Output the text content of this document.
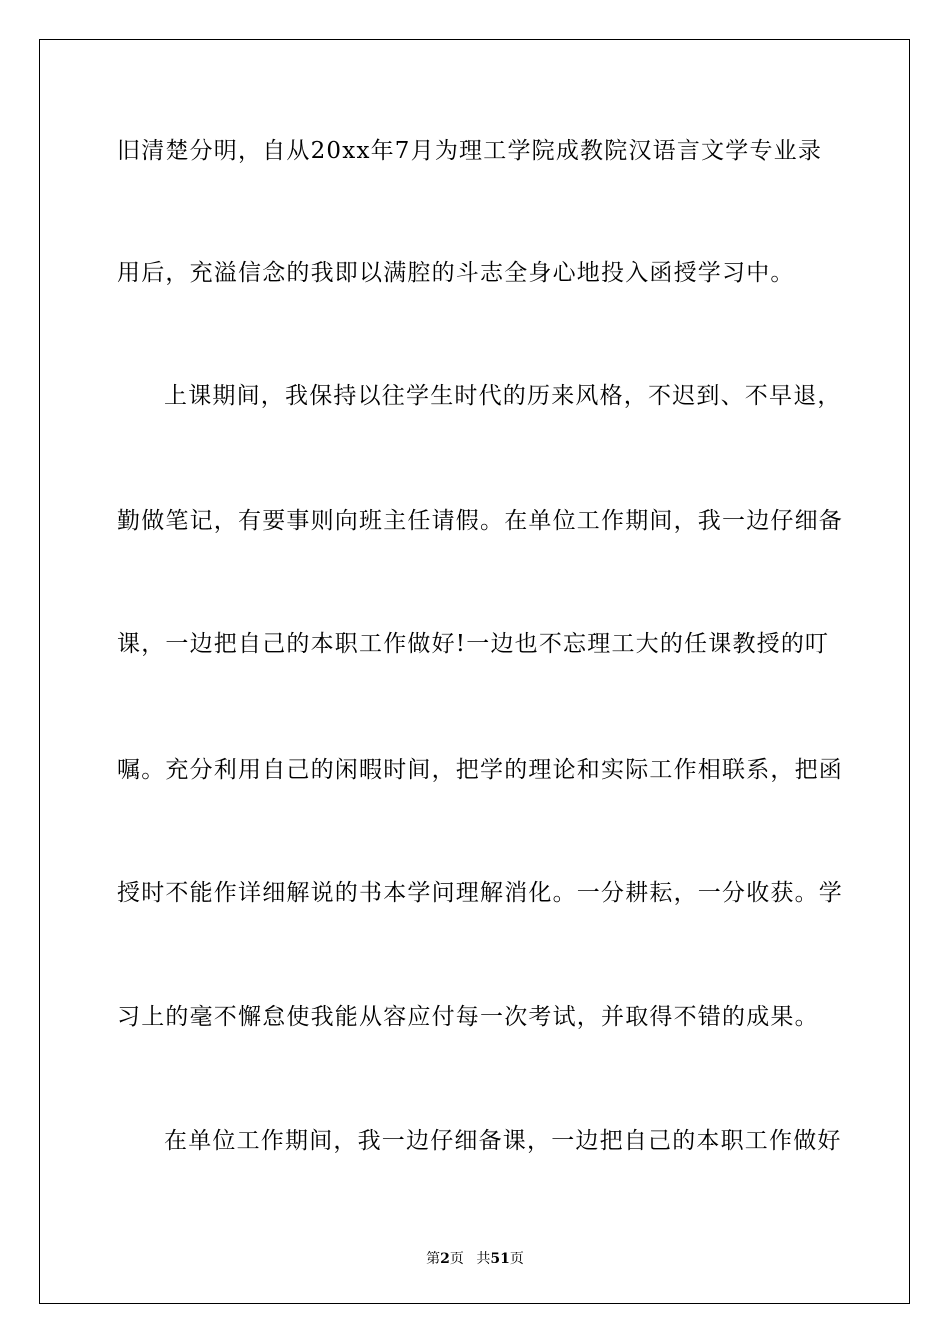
旧清楚分明，自从20xx年7月为理工学院成教院汉语言文学专业录
用后，充溢信念的我即以满腔的斗志全身心地投入函授学习中。
上课期间，我保持以往学生时代的历来风格，不迟到、不早退，
勤做笔记，有要事则向班主任请假。在单位工作期间，我一边仔细备
课，一边把自己的本职工作做好!一边也不忘理工大的任课教授的叮
嘱。充分利用自己的闲暇时间，把学的理论和实际工作相联系，把函
授时不能作详细解说的书本学问理解消化。一分耕耘，一分收获。学
习上的毫不懈怠使我能从容应付每一次考试，并取得不错的成果。
在单位工作期间，我一边仔细备课，一边把自己的本职工作做好
第2页 共51页
